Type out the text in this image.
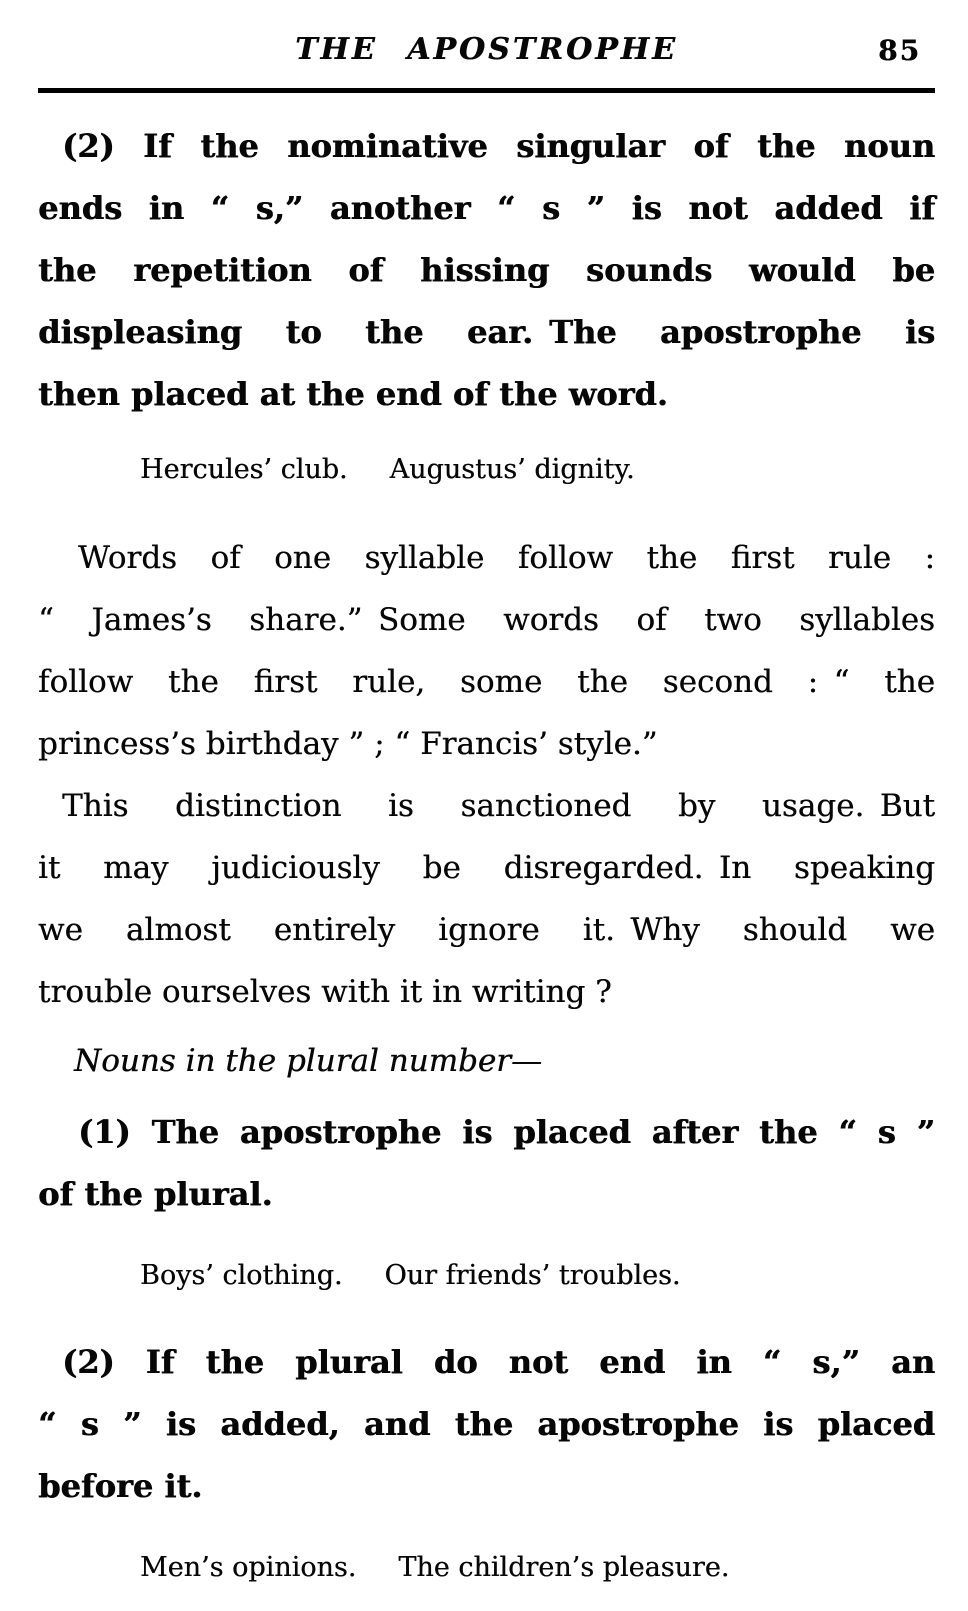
THE APOSTROPHE	85
(2) If the nominative singular of the noun
ends in “ s,” another “ s ” is not added if
the repetition of hissing sounds would be
displeasing to the ear. The apostrophe is
then placed at the end of the word.
Hercules’ club. Augustus’ dignity.
Words of one syllable follow the first rule :
“ James’s share.” Some words of two syllables
follow the first rule, some the second : “ the
princess’s birthday ” ; “ Francis’ style.”
This distinction is sanctioned by usage. But
it may judiciously be disregarded. In speaking
we almost entirely ignore it. Why should we
trouble ourselves with it in writing ?
Nouns in the plural number—
(1) The apostrophe is placed after the “ s ”
of the plural.
Boys’ clothing. Our friends’ troubles.
(2) If the plural do not end in “ s,” an
“ s ” is added, and the apostrophe is placed
before it.
Men’s opinions. The children’s pleasure.
